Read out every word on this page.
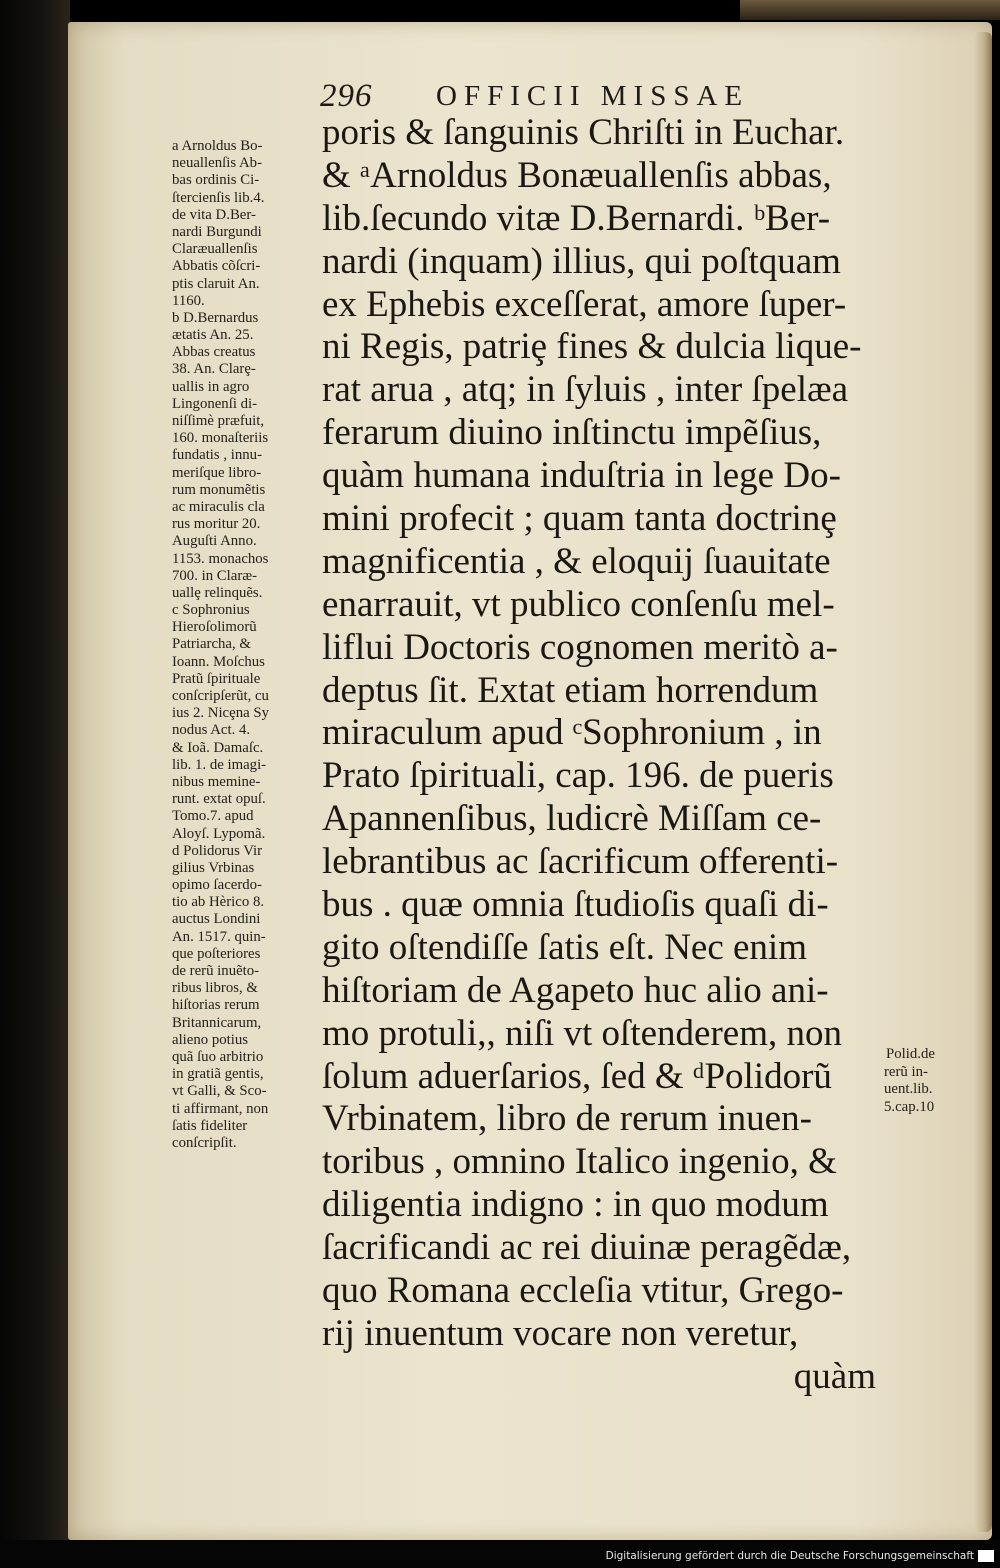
296 OFFICII MISSAE
a Arnoldus Bo-
neuallenſis Ab-
bas ordinis Ci-
ſtercienſis lib.4.
de vita D.Ber-
nardi Burgundi
Claræuallenſis
Abbatis cõſcri-
ptis claruit An.
1160.
b D.Bernardus
ætatis An. 25.
Abbas creatus
38. An. Clarȩ-
uallis in agro
Lingonenſi di-
niſſimè præfuit,
160. monaſteriis
fundatis , innu-
meriſque libro-
rum monumẽtis
ac miraculis cla
rus moritur 20.
Auguſti Anno.
1153. monachos
700. in Claræ-
uallȩ relinquẽs.
c Sophronius
Hieroſolimorũ
Patriarcha, &
Ioann. Moſchus
Pratũ ſpirituale
conſcripſerũt, cu
ius 2. Nicȩna Sy
nodus Act. 4.
& Ioã. Damaſc.
lib. 1. de imagi-
nibus memine-
runt. extat opuſ.
Tomo.7. apud
Aloyſ. Lypomã.
d Polidorus Vir
gilius Vrbinas
opimo ſacerdo-
tio ab Hèrico 8.
auctus Londini
An. 1517. quin-
que poſteriores
de rerũ inuẽto-
ribus libros, &
hiſtorias rerum
Britannicarum,
alieno potius
quã ſuo arbitrio
in gratiã gentis,
vt Galli, & Sco-
ti affirmant, non
ſatis fideliter
conſcripſit.
poris & ſanguinis Chriſti in Euchar.
& ᵃArnoldus Bonæuallenſis abbas,
lib.ſecundo vitæ D.Bernardi. ᵇBer-
nardi (inquam) illius, qui poſtquam
ex Ephebis exceſſerat, amore ſuper-
ni Regis, patriȩ fines & dulcia lique-
rat arua , atq; in ſyluis , inter ſpelæa
ferarum diuino inſtinctu impẽſius,
quàm humana induſtria in lege Do-
mini profecit ; quam tanta doctrinȩ
magnificentia , & eloquij ſuauitate
enarrauit, vt publico conſenſu mel-
liflui Doctoris cognomen meritò a-
deptus ſit. Extat etiam horrendum
miraculum apud ᶜSophronium , in
Prato ſpirituali, cap. 196. de pueris
Apannenſibus, ludicrè Miſſam ce-
lebrantibus ac ſacrificum offerenti-
bus . quæ omnia ſtudioſis quaſi di-
gito oſtendiſſe ſatis eſt. Nec enim
hiſtoriam de Agapeto huc alio ani-
mo protuli,, niſi vt oſtenderem, non
ſolum aduerſarios, ſed & ᵈPolidorũ
Vrbinatem, libro de rerum inuen-
toribus , omnino Italico ingenio, &
diligentia indigno : in quo modum
ſacrificandi ac rei diuinæ peragẽdæ,
quo Romana eccleſia vtitur, Grego-
rij inuentum vocare non veretur,
quàm
Polid.de
rerũ in-
uent.lib.
5.cap.10
Digitalisierung gefördert durch die Deutsche Forschungsgemeinschaft
